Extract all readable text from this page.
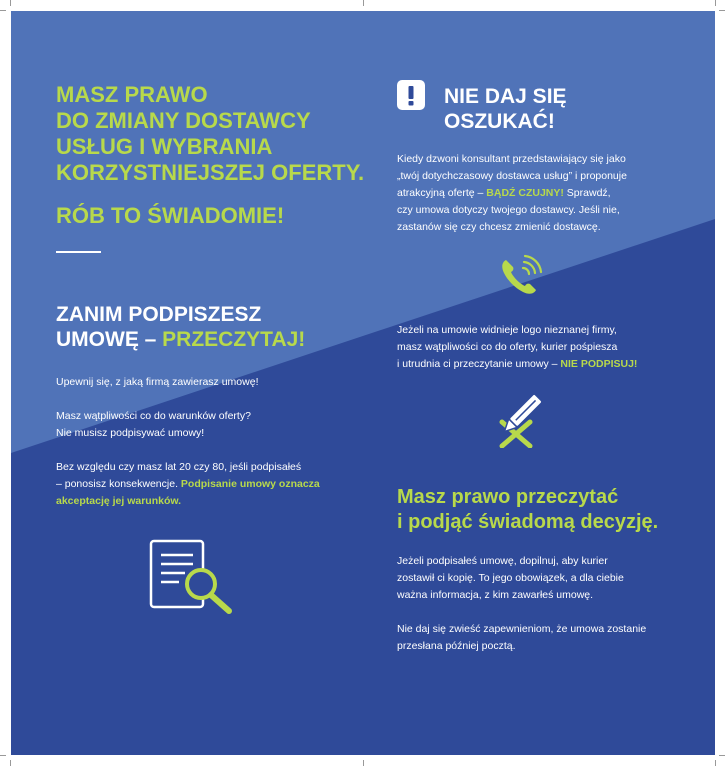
MASZ PRAWO
DO ZMIANY DOSTAWCY
USŁUG I WYBRANIA
KORZYSTNIEJSZEJ OFERTY.
RÓB TO ŚWIADOMIE!
ZANIM PODPISZESZ
UMOWĘ – PRZECZYTAJ!
Upewnij się, z jaką firmą zawierasz umowę!
Masz wątpliwości co do warunków oferty?
Nie musisz podpisywać umowy!
Bez względu czy masz lat 20 czy 80, jeśli podpisałeś
– ponosisz konsekwencje. Podpisanie umowy oznacza
akceptację jej warunków.
NIE DAJ SIĘ
OSZUKAĆ!
Kiedy dzwoni konsultant przedstawiający się jako
„twój dotychczasowy dostawca usług” i proponuje
atrakcyjną ofertę – BĄDŹ CZUJNY! Sprawdź,
czy umowa dotyczy twojego dostawcy. Jeśli nie,
zastanów się czy chcesz zmienić dostawcę.
Jeżeli na umowie widnieje logo nieznanej firmy,
masz wątpliwości co do oferty, kurier pośpiesza
i utrudnia ci przeczytanie umowy – NIE PODPISUJ!
Masz prawo przeczytać
i podjąć świadomą decyzję.
Jeżeli podpisałeś umowę, dopilnuj, aby kurier
zostawił ci kopię. To jego obowiązek, a dla ciebie
ważna informacja, z kim zawarłeś umowę.
Nie daj się zwieść zapewnieniom, że umowa zostanie
przesłana później pocztą.
